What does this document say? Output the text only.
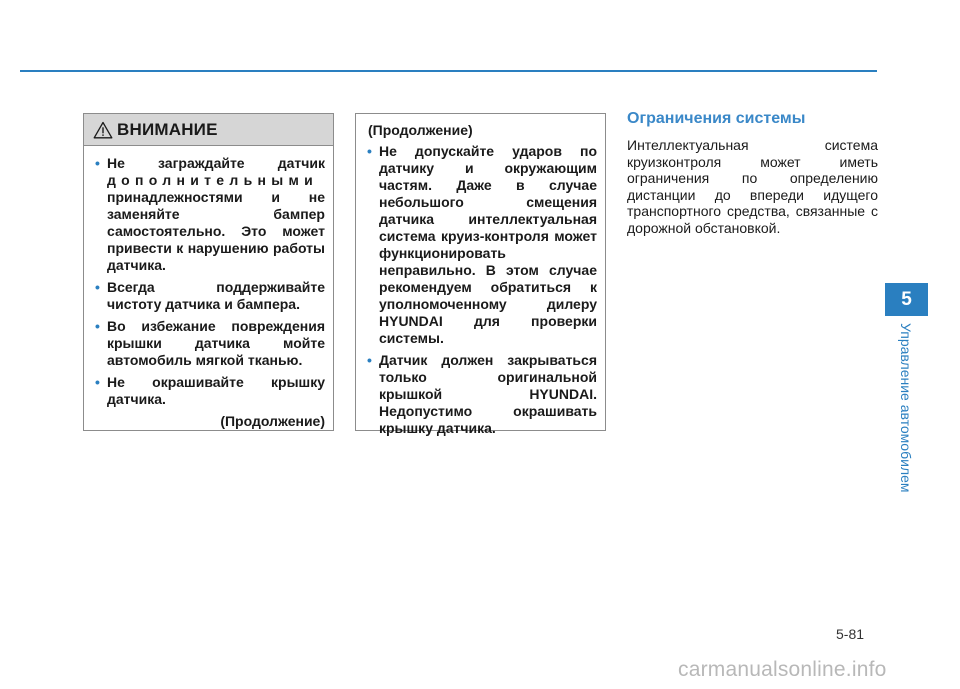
ВНИМАНИЕ
• Не заграждайте датчик дополнительными принадлежностями и не заменяйте бампер самостоятельно. Это может привести к нарушению работы датчика.
• Всегда поддерживайте чистоту датчика и бампера.
• Во избежание повреждения крышки датчика мойте автомобиль мягкой тканью.
• Не окрашивайте крышку датчика.
(Продолжение)
(Продолжение)
• Не допускайте ударов по датчику и окружающим частям. Даже в случае небольшого смещения датчика интеллектуальная система круиз-контроля может функционировать неправильно. В этом случае рекомендуем обратиться к уполномоченному дилеру HYUNDAI для проверки системы.
• Датчик должен закрываться только оригинальной крышкой HYUNDAI. Недопустимо окрашивать крышку датчика.
Ограничения системы

Интеллектуальная система круизконтроля может иметь ограничения по определению дистанции до впереди идущего транспортного средства, связанные с дорожной обстановкой.

5
Управление автомобилем
5-81
carmanualsonline.info
